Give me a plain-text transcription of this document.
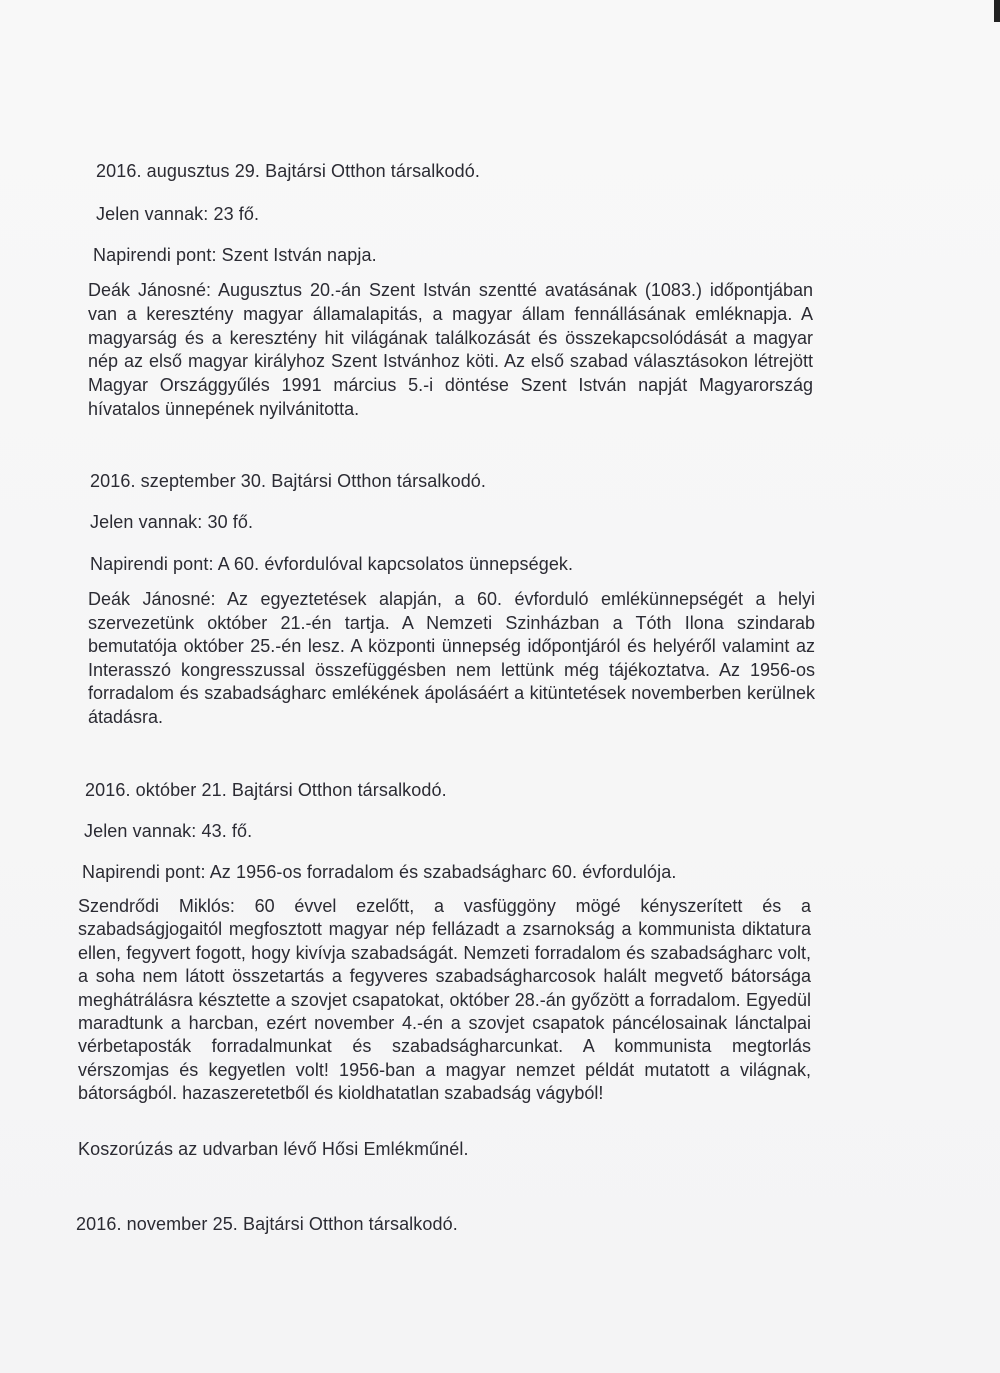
2016. augusztus 29. Bajtársi Otthon társalkodó.
Jelen vannak: 23 fő.
Napirendi pont: Szent István napja.
Deák Jánosné: Augusztus 20.-án Szent István szentté avatásának (1083.) időpontjában van a keresztény magyar államalapitás, a magyar állam fennállásának emléknapja. A magyarság és a keresztény hit világának találkozását és összekapcsolódását a magyar nép az első magyar királyhoz Szent Istvánhoz köti. Az első szabad választásokon létrejött Magyar Országgyűlés 1991 március 5.-i döntése Szent István napját Magyarország hívatalos ünnepének nyilvánitotta.
2016. szeptember 30. Bajtársi Otthon társalkodó.
Jelen vannak: 30 fő.
Napirendi pont: A 60. évfordulóval kapcsolatos ünnepségek.
Deák Jánosné: Az egyeztetések alapján, a 60. évforduló emlékünnepségét a helyi szervezetünk október 21.-én tartja. A Nemzeti Szinházban a Tóth Ilona szindarab bemutatója október 25.-én lesz. A központi ünnepség időpontjáról és helyéről valamint az Interasszó kongresszussal összefüggésben nem lettünk még tájékoztatva. Az 1956-os forradalom és szabadságharc emlékének ápolásáért a kitüntetések novemberben kerülnek átadásra.
2016. október 21. Bajtársi Otthon társalkodó.
Jelen vannak: 43. fő.
Napirendi pont: Az 1956-os forradalom és szabadságharc 60. évfordulója.
Szendrődi Miklós: 60 évvel ezelőtt, a vasfüggöny mögé kényszerített és a szabadságjogaitól megfosztott magyar nép fellázadt a zsarnokság a kommunista diktatura ellen, fegyvert fogott, hogy kivívja szabadságát. Nemzeti forradalom és szabadságharc volt, a soha nem látott összetartás a fegyveres szabadságharcosok halált megvető bátorsága meghátrálásra késztette a szovjet csapatokat, október 28.-án győzött a forradalom. Egyedül maradtunk a harcban, ezért november 4.-én a szovjet csapatok páncélosainak lánctalpai vérbetaposták forradalmunkat és szabadságharcunkat. A kommunista megtorlás vérszomjas és kegyetlen volt! 1956-ban a magyar nemzet példát mutatott a világnak, bátorságból. hazaszeretetből és kioldhatatlan szabadság vágyból!
Koszorúzás az udvarban lévő Hősi Emlékműnél.
2016. november 25. Bajtársi Otthon társalkodó.
